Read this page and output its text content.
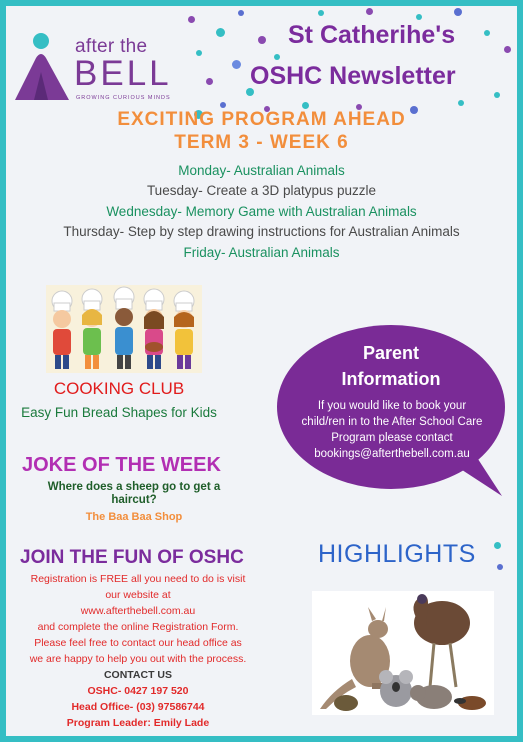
after the
BELL
GROWING CURIOUS MINDS
St Catherihe's
OSHC Newsletter
EXCITING PROGRAM AHEAD
TERM 3 - WEEK 6
Monday- Australian Animals
Tuesday- Create a 3D platypus puzzle
Wednesday- Memory Game with Australian Animals
Thursday- Step by step drawing instructions for Australian Animals
Friday- Australian Animals
COOKING CLUB
Easy Fun Bread Shapes for Kids
Parent
Information
If you would like to book your
child/ren in to the After School Care
Program please contact
bookings@afterthebell.com.au
JOKE OF THE WEEK
Where does a sheep go to get a
haircut?
The Baa Baa Shop
JOIN THE FUN OF OSHC
Registration is FREE all you need to do is visit
our website at
www.afterthebell.com.au
and complete the online Registration Form.
Please feel free to contact our head office as
we are happy to help you out with the process.
CONTACT US
OSHC- 0427 197 520
Head Office- (03) 97586744
Program Leader: Emily Lade
HIGHLIGHTS
